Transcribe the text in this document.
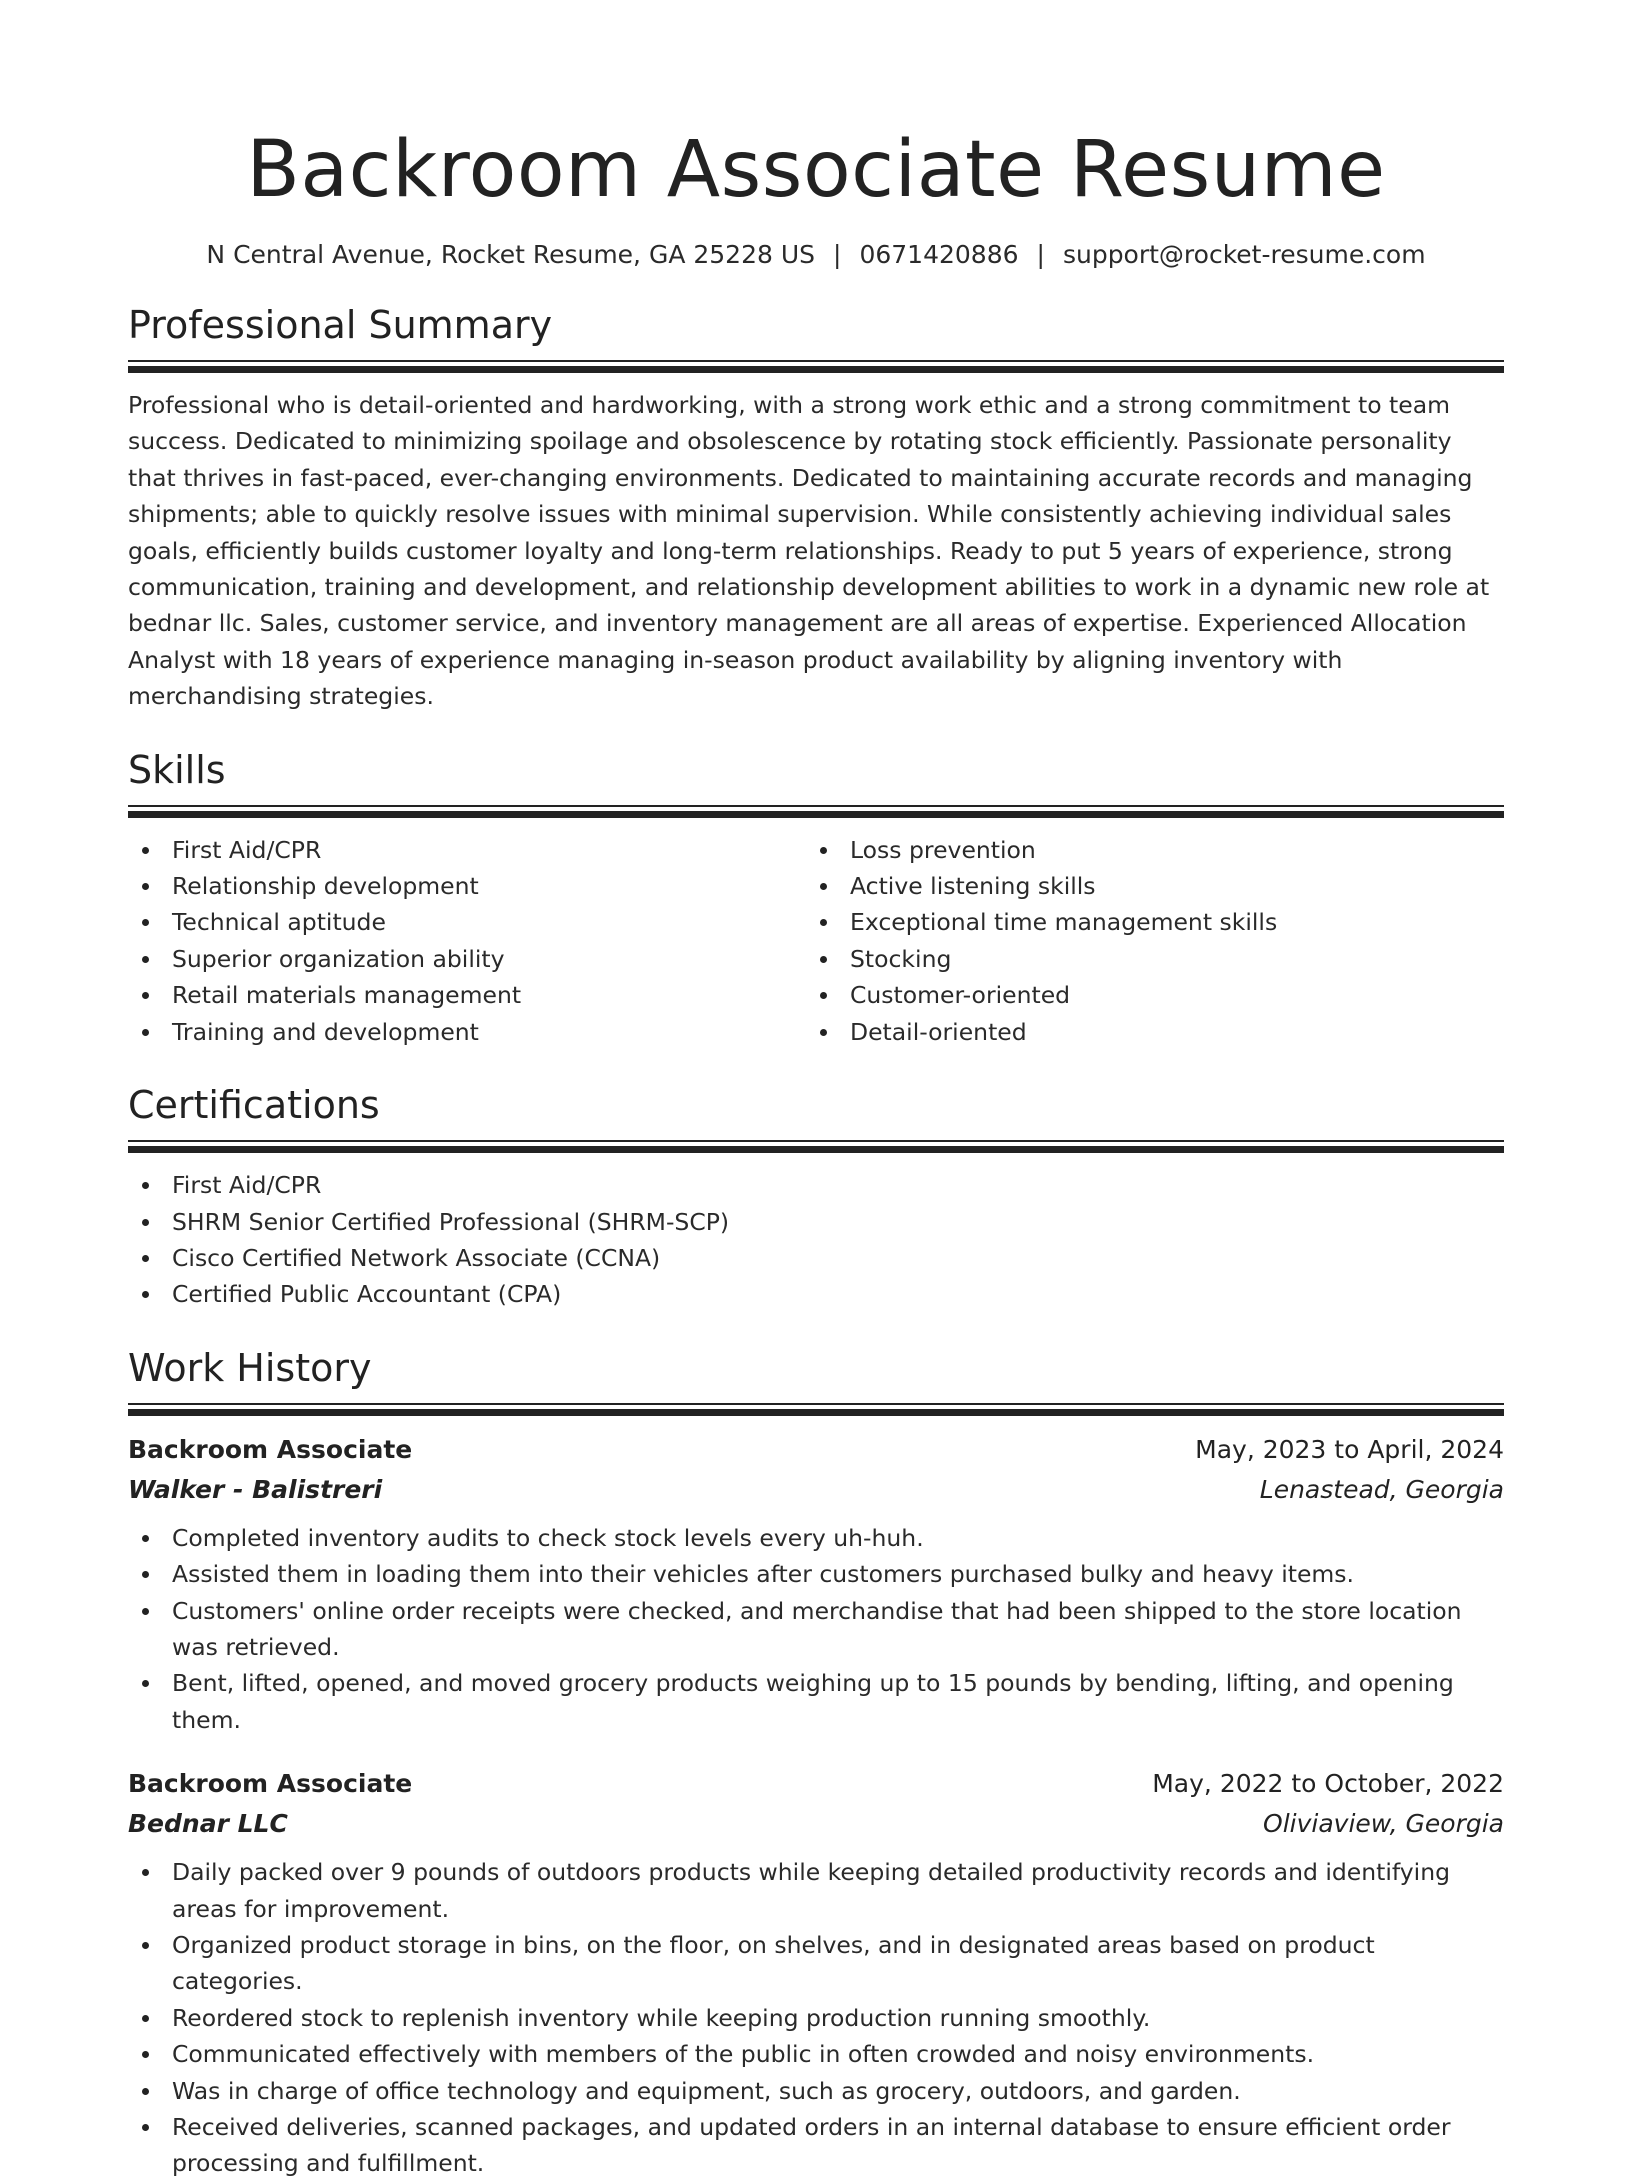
Backroom Associate Resume
N Central Avenue, Rocket Resume, GA 25228 US | 0671420886 | support@rocket-resume.com
Professional Summary

Professional who is detail-oriented and hardworking, with a strong work ethic and a strong commitment to team success. Dedicated to minimizing spoilage and obsolescence by rotating stock efficiently. Passionate personality that thrives in fast-paced, ever-changing environments. Dedicated to maintaining accurate records and managing shipments; able to quickly resolve issues with minimal supervision. While consistently achieving individual sales goals, efficiently builds customer loyalty and long-term relationships. Ready to put 5 years of experience, strong communication, training and development, and relationship development abilities to work in a dynamic new role at bednar llc. Sales, customer service, and inventory management are all areas of expertise. Experienced Allocation Analyst with 18 years of experience managing in-season product availability by aligning inventory with merchandising strategies.

Skills
First Aid/CPR
Relationship development
Technical aptitude
Superior organization ability
Retail materials management
Training and development
Loss prevention
Active listening skills
Exceptional time management skills
Stocking
Customer-oriented
Detail-oriented
Certifications
First Aid/CPR
SHRM Senior Certified Professional (SHRM-SCP)
Cisco Certified Network Associate (CCNA)
Certified Public Accountant (CPA)
Work History
Backroom Associate	May, 2023 to April, 2024
Walker - Balistreri	Lenastead, Georgia
Completed inventory audits to check stock levels every uh-huh.
Assisted them in loading them into their vehicles after customers purchased bulky and heavy items.
Customers' online order receipts were checked, and merchandise that had been shipped to the store location was retrieved.
Bent, lifted, opened, and moved grocery products weighing up to 15 pounds by bending, lifting, and opening them.
Backroom Associate	May, 2022 to October, 2022
Bednar LLC	Oliviaview, Georgia
Daily packed over 9 pounds of outdoors products while keeping detailed productivity records and identifying areas for improvement.
Organized product storage in bins, on the floor, on shelves, and in designated areas based on product categories.
Reordered stock to replenish inventory while keeping production running smoothly.
Communicated effectively with members of the public in often crowded and noisy environments.
Was in charge of office technology and equipment, such as grocery, outdoors, and garden.
Received deliveries, scanned packages, and updated orders in an internal database to ensure efficient order processing and fulfillment.
